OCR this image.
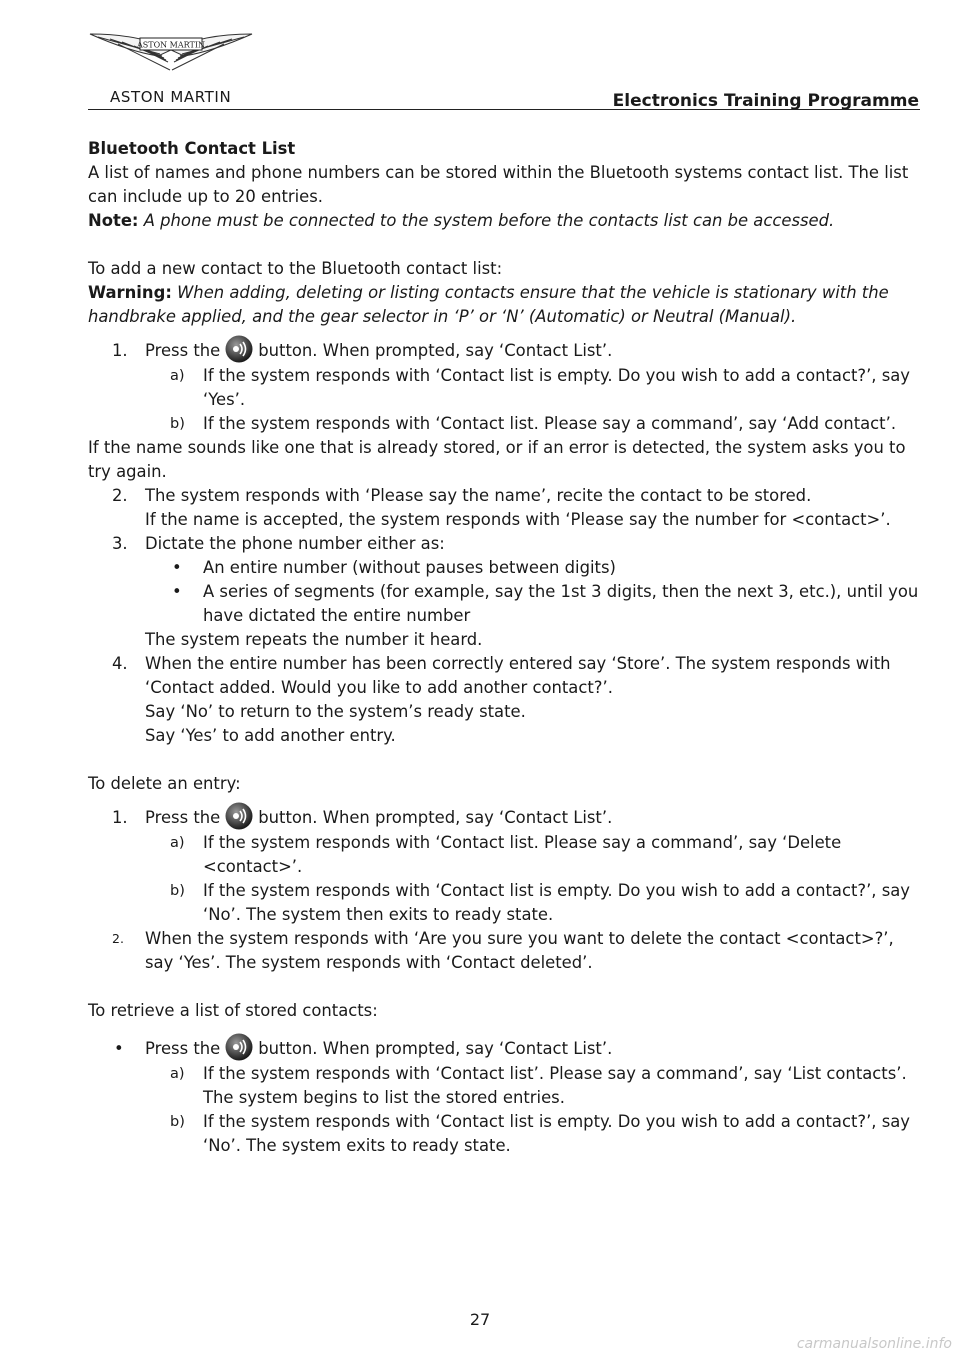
ASTON MARTIN
ASTON MARTIN	Electronics Training Programme

Bluetooth Contact List

A list of names and phone numbers can be stored within the Bluetooth systems contact list. The list can include up to 20 entries.

Note: A phone must be connected to the system before the contacts list can be accessed.

To add a new contact to the Bluetooth contact list:

Warning: When adding, deleting or listing contacts ensure that the vehicle is stationary with the handbrake applied, and the gear selector in ‘P’ or ‘N’ (Automatic) or Neutral (Manual).

1.	Press the button. When prompted, say ‘Contact List’.
a)	If the system responds with ‘Contact list is empty. Do you wish to add a contact?’, say ‘Yes’.
b)	If the system responds with ‘Contact list. Please say a command’, say ‘Add contact’.

If the name sounds like one that is already stored, or if an error is detected, the system asks you to try again.

2.	The system responds with ‘Please say the name’, recite the contact to be stored.
If the name is accepted, the system responds with ‘Please say the number for <contact>’.
3.	Dictate the phone number either as:
•	An entire number (without pauses between digits)
•	A series of segments (for example, say the 1st 3 digits, then the next 3, etc.), until you have dictated the entire number

The system repeats the number it heard.

4.	When the entire number has been correctly entered say ‘Store’. The system responds with ‘Contact added. Would you like to add another contact?’.
Say ‘No’ to return to the system’s ready state.
Say ‘Yes’ to add another entry.

To delete an entry:

1.	Press the button. When prompted, say ‘Contact List’.
a)	If the system responds with ‘Contact list. Please say a command’, say ‘Delete <contact>’.
b)	If the system responds with ‘Contact list is empty. Do you wish to add a contact?’, say ‘No’. The system then exits to ready state.
2.	When the system responds with ‘Are you sure you want to delete the contact <contact>?’, say ‘Yes’. The system responds with ‘Contact deleted’.

To retrieve a list of stored contacts:

•	Press the button. When prompted, say ‘Contact List’.
a)	If the system responds with ‘Contact list’. Please say a command’, say ‘List contacts’. The system begins to list the stored entries.
b)	If the system responds with ‘Contact list is empty. Do you wish to add a contact?’, say ‘No’. The system exits to ready state.
27
carmanualsonline.info
